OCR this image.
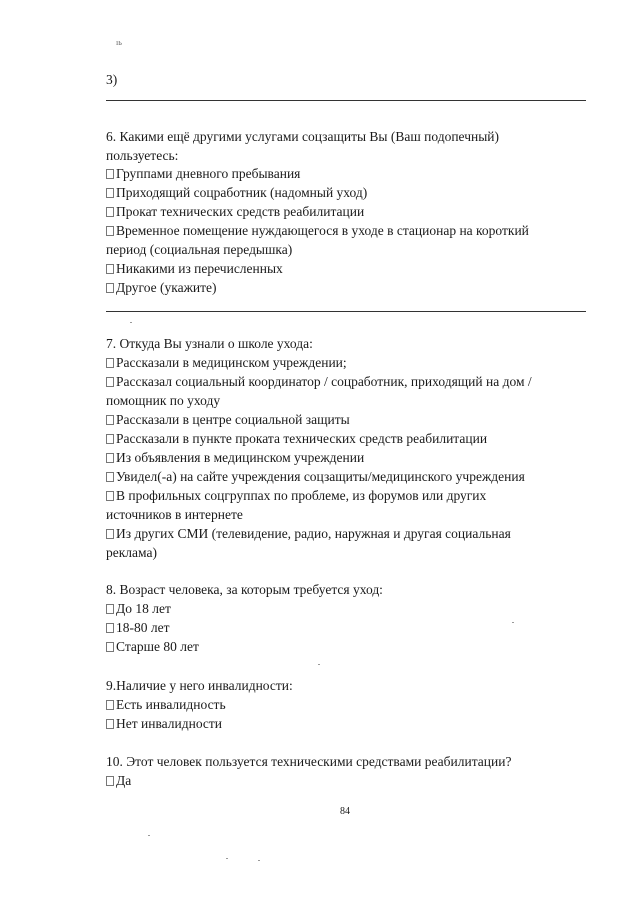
ıь
3)
6. Какими ещё другими услугами соцзащиты Вы (Ваш подопечный)
пользуетесь:
Группами дневного пребывания
Приходящий соцработник (надомный уход)
Прокат технических средств реабилитации
Временное помещение нуждающегося в уходе в стационар на короткий
период (социальная передышка)
Никакими из перечисленных
Другое (укажите)
7. Откуда Вы узнали о школе ухода:
Рассказали в медицинском учреждении;
Рассказал социальный координатор / соцработник, приходящий на дом /
помощник по уходу
Рассказали в центре социальной защиты
Рассказали в пункте проката технических средств реабилитации
Из объявления в медицинском учреждении
Увидел(-а) на сайте учреждения соцзащиты/медицинского учреждения
В профильных соцгруппах по проблеме, из форумов или других
источников в интернете
Из других СМИ (телевидение, радио, наружная и другая социальная
реклама)
8. Возраст человека, за которым требуется уход:
До 18 лет
18-80 лет
Старше 80 лет
9.Наличие у него инвалидности:
Есть инвалидность
Нет инвалидности
10. Этот человек пользуется техническими средствами реабилитации?
Да
84
